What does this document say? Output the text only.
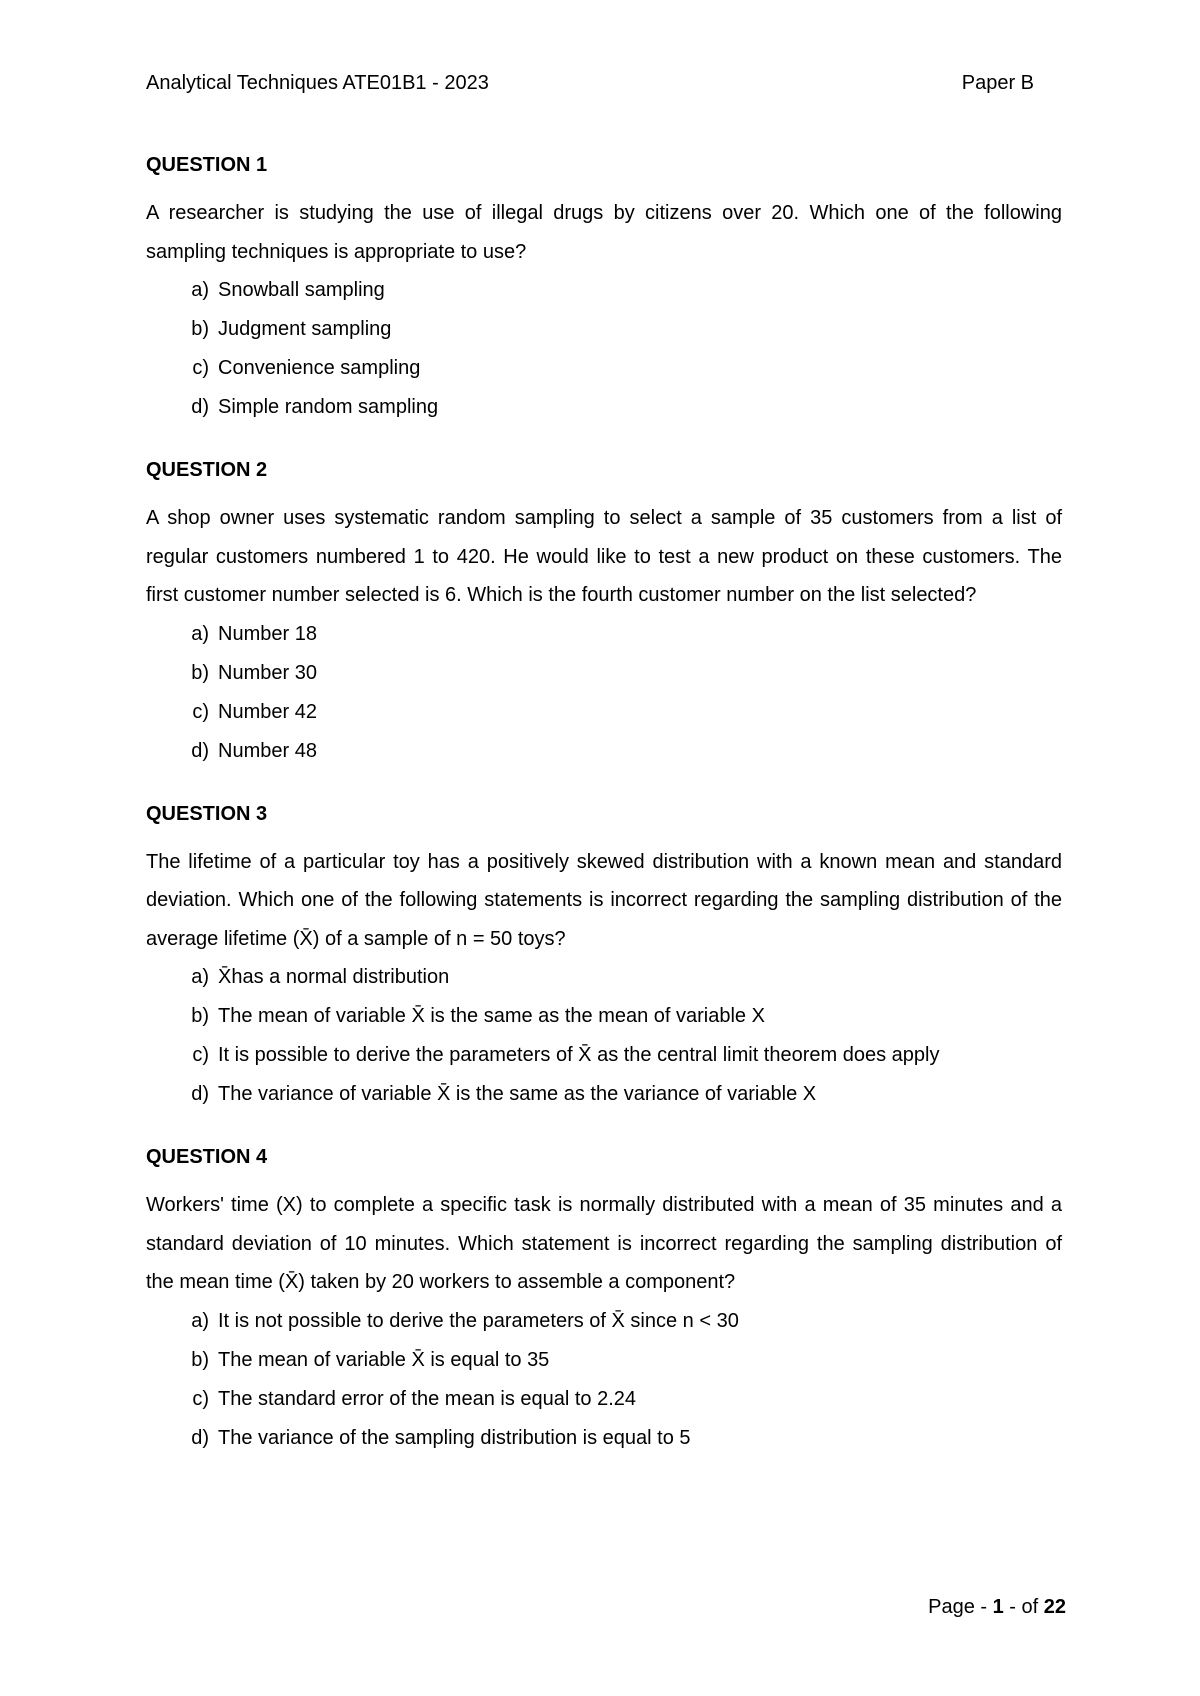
Analytical Techniques ATE01B1 - 2023	Paper B
QUESTION 1

A researcher is studying the use of illegal drugs by citizens over 20. Which one of the following sampling techniques is appropriate to use?

a) Snowball sampling
b) Judgment sampling
c) Convenience sampling
d) Simple random sampling
QUESTION 2

A shop owner uses systematic random sampling to select a sample of 35 customers from a list of regular customers numbered 1 to 420. He would like to test a new product on these customers. The first customer number selected is 6. Which is the fourth customer number on the list selected?

a) Number 18
b) Number 30
c) Number 42
d) Number 48
QUESTION 3

The lifetime of a particular toy has a positively skewed distribution with a known mean and standard deviation. Which one of the following statements is incorrect regarding the sampling distribution of the average lifetime (X̄) of a sample of n = 50 toys?

a) X̄has a normal distribution
b) The mean of variable X̄ is the same as the mean of variable X
c) It is possible to derive the parameters of X̄ as the central limit theorem does apply
d) The variance of variable X̄ is the same as the variance of variable X
QUESTION 4

Workers' time (X) to complete a specific task is normally distributed with a mean of 35 minutes and a standard deviation of 10 minutes. Which statement is incorrect regarding the sampling distribution of the mean time (X̄) taken by 20 workers to assemble a component?

a) It is not possible to derive the parameters of X̄ since n < 30
b) The mean of variable X̄ is equal to 35
c) The standard error of the mean is equal to 2.24
d) The variance of the sampling distribution is equal to 5
Page - 1 - of 22
